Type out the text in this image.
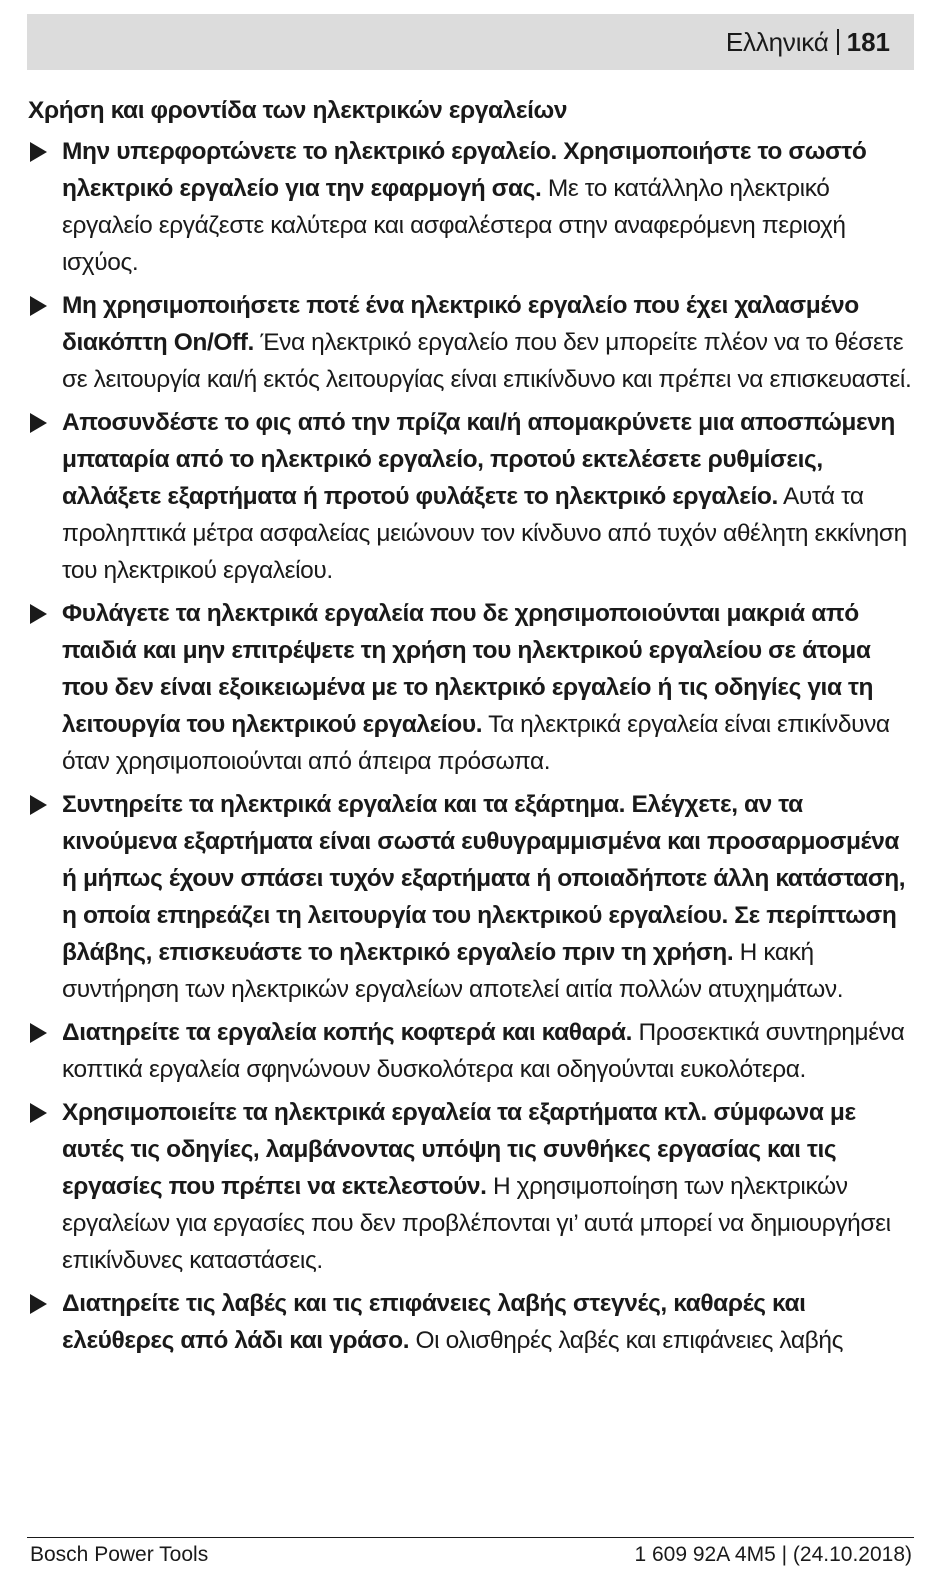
Ελληνικά 181
Χρήση και φροντίδα των ηλεκτρικών εργαλείων
Μην υπερφορτώνετε το ηλεκτρικό εργαλείο. Χρησιμοποιήστε το σωστό ηλεκτρικό εργαλείο για την εφαρμογή σας. Με το κατάλληλο ηλεκτρικό εργαλείο εργάζεστε καλύτερα και ασφαλέστερα στην αναφερόμενη περιοχή ισχύος.
Μη χρησιμοποιήσετε ποτέ ένα ηλεκτρικό εργαλείο που έχει χαλασμένο διακόπτη On/Off. Ένα ηλεκτρικό εργαλείο που δεν μπορείτε πλέον να το θέσετε σε λειτουργία και/ή εκτός λειτουργίας είναι επικίνδυνο και πρέπει να επισκευαστεί.
Αποσυνδέστε το φις από την πρίζα και/ή απομακρύνετε μια αποσπώμενη μπαταρία από το ηλεκτρικό εργαλείο, προτού εκτελέσετε ρυθμίσεις, αλλάξετε εξαρτήματα ή προτού φυλάξετε το ηλεκτρικό εργαλείο. Αυτά τα προληπτικά μέτρα ασφαλείας μειώνουν τον κίνδυνο από τυχόν αθέλητη εκκίνηση του ηλεκτρικού εργαλείου.
Φυλάγετε τα ηλεκτρικά εργαλεία που δε χρησιμοποιούνται μακριά από παιδιά και μην επιτρέψετε τη χρήση του ηλεκτρικού εργαλείου σε άτομα που δεν είναι εξοικειωμένα με το ηλεκτρικό εργαλείο ή τις οδηγίες για τη λειτουργία του ηλεκτρικού εργαλείου. Τα ηλεκτρικά εργαλεία είναι επικίνδυνα όταν χρησιμοποιούνται από άπειρα πρόσωπα.
Συντηρείτε τα ηλεκτρικά εργαλεία και τα εξάρτημα. Ελέγχετε, αν τα κινούμενα εξαρτήματα είναι σωστά ευθυγραμμισμένα και προσαρμοσμένα ή μήπως έχουν σπάσει τυχόν εξαρτήματα ή οποιαδήποτε άλλη κατάσταση, η οποία επηρεάζει τη λειτουργία του ηλεκτρικού εργαλείου. Σε περίπτωση βλάβης, επισκευάστε το ηλεκτρικό εργαλείο πριν τη χρήση. Η κακή συντήρηση των ηλεκτρικών εργαλείων αποτελεί αιτία πολλών ατυχημάτων.
Διατηρείτε τα εργαλεία κοπής κοφτερά και καθαρά. Προσεκτικά συντηρημένα κοπτικά εργαλεία σφηνώνουν δυσκολότερα και οδηγούνται ευκολότερα.
Χρησιμοποιείτε τα ηλεκτρικά εργαλεία τα εξαρτήματα κτλ. σύμφωνα με αυτές τις οδηγίες, λαμβάνοντας υπόψη τις συνθήκες εργασίας και τις εργασίες που πρέπει να εκτελεστούν. Η χρησιμοποίηση των ηλεκτρικών εργαλείων για εργασίες που δεν προβλέπονται γι’ αυτά μπορεί να δημιουργήσει επικίνδυνες καταστάσεις.
Διατηρείτε τις λαβές και τις επιφάνειες λαβής στεγνές, καθαρές και ελεύθερες από λάδι και γράσο. Οι ολισθηρές λαβές και επιφάνειες λαβής
Bosch Power Tools	1 609 92A 4M5 | (24.10.2018)
